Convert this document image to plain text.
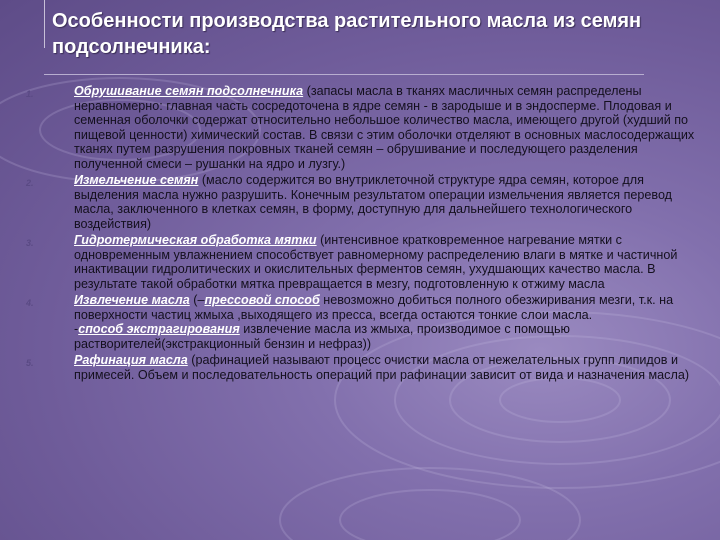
Особенности производства растительного масла из семян подсолнечника:
1.	Обрушивание семян подсолнечника (запасы масла в тканях масличных семян распределены неравномерно: главная часть сосредоточена в ядре семян - в зародыше и в эндосперме. Плодовая и семенная оболочки содержат относительно небольшое количество масла, имеющего другой (худший по пищевой ценности) химический состав. В связи с этим оболочки отделяют в основных маслосодержащих тканях путем разрушения покровных тканей семян – обрушивание и последующего разделения полученной смеси – рушанки на ядро и лузгу.)
2.	Измельчение семян (масло содержится во внутриклеточной структуре ядра семян, которое для выделения масла нужно разрушить. Конечным результатом операции измельчения является перевод масла, заключенного в клетках семян, в форму, доступную для дальнейшего технологического воздействия)
3.	Гидротермическая обработка мятки (интенсивное кратковременное нагревание мятки с одновременным увлажнением способствует равномерному распределению влаги в мятке и частичной инактивации гидролитических и окислительных ферментов семян, ухудшающих качество масла. В результате такой обработки мятка превращается в мезгу, подготовленную к отжиму масла
4.	Извлечение масла (–прессовой способ невозможно добиться полного обезжиривания мезги, т.к. на поверхности частиц жмыха ,выходящего из пресса, всегда остаются тонкие слои масла.
-способ экстрагирования извлечение масла из жмыха, производимое с помощью растворителей(экстракционный бензин и нефраз))
5.	Рафинация масла (рафинацией называют процесс очистки масла от нежелательных групп липидов и примесей. Объем и последовательность операций при рафинации зависит от вида и назначения масла)
